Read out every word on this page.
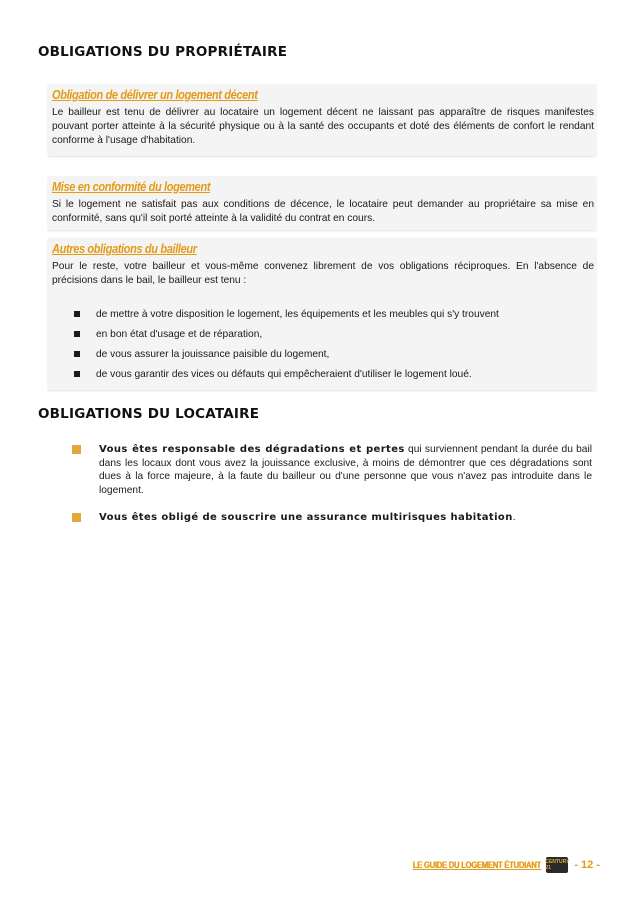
OBLIGATIONS DU PROPRIÉTAIRE
Obligation de délivrer un logement décent
Le bailleur est tenu de délivrer au locataire un logement décent ne laissant pas apparaître de risques manifestes pouvant porter atteinte à la sécurité physique ou à la santé des occupants et doté des éléments de confort le rendant conforme à l'usage d'habitation.
Mise en conformité du logement
Si le logement ne satisfait pas aux conditions de décence, le locataire peut demander au propriétaire sa mise en conformité, sans qu'il soit porté atteinte à la validité du contrat en cours.
Autres obligations du bailleur
Pour le reste, votre bailleur et vous-même convenez librement de vos obligations réciproques. En l'absence de précisions dans le bail, le bailleur est tenu :
de mettre à votre disposition le logement, les équipements et les meubles qui s'y trouvent
en bon état d'usage et de réparation,
de vous assurer la jouissance paisible du logement,
de vous garantir des vices ou défauts qui empêcheraient d'utiliser le logement loué.
OBLIGATIONS DU LOCATAIRE
Vous êtes responsable des dégradations et pertes qui surviennent pendant la durée du bail dans les locaux dont vous avez la jouissance exclusive, à moins de démontrer que ces dégradations sont dues à la force majeure, à la faute du bailleur ou d'une personne que vous n'avez pas introduite dans le logement.
Vous êtes obligé de souscrire une assurance multirisques habitation.
LE GUIDE DU LOGEMENT ÉTUDIANT CENTURY 21	- 12 -
